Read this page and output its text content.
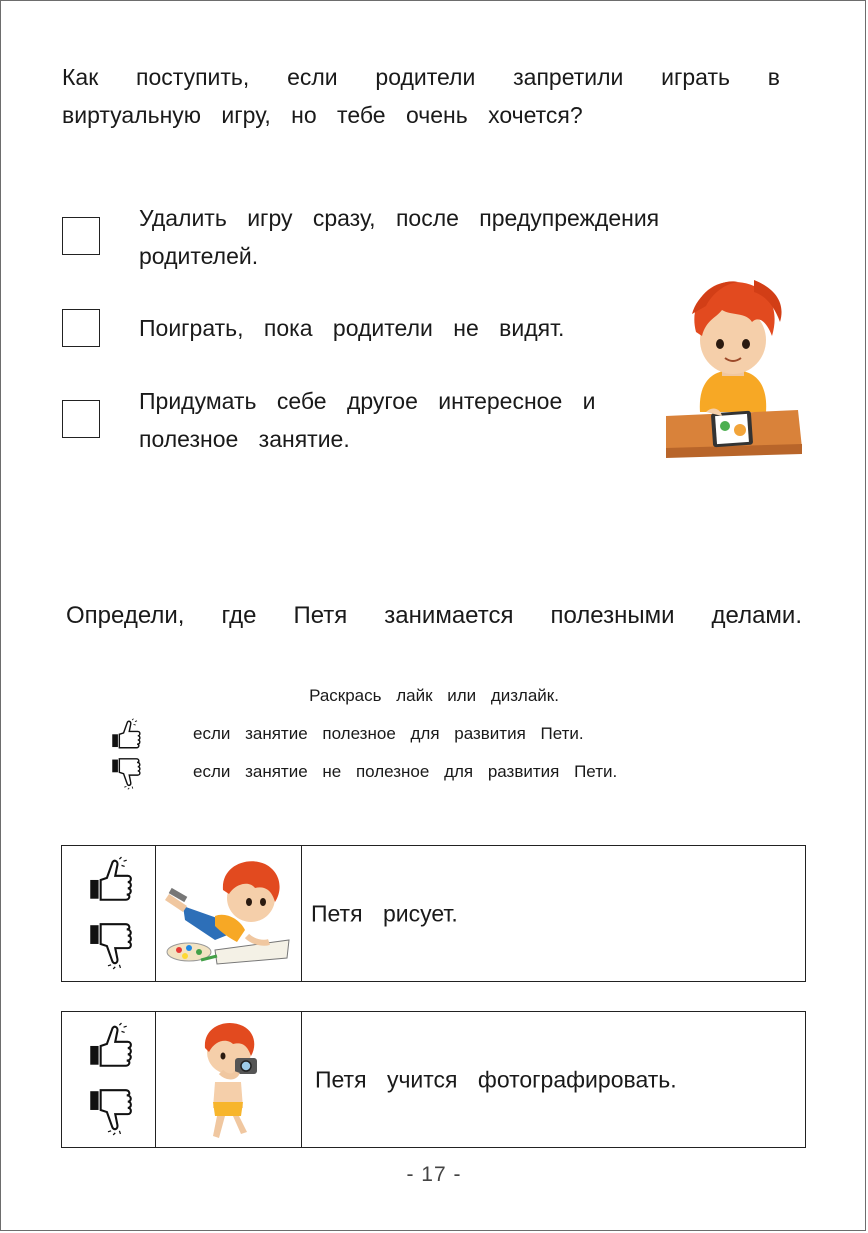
Как поступить, если родители запретили играть в виртуальную игру, но тебе очень хочется?
Удалить игру сразу, после предупреждения родителей.
Поиграть, пока родители не видят.
Придумать себе другое интересное и полезное занятие.
Определи, где Петя занимается полезными делами.
Раскрась лайк или дизлайк.
если занятие полезное для развития Пети.
если занятие не полезное для развития Пети.
Петя рисует.
Петя учится фотографировать.
- 17 -
